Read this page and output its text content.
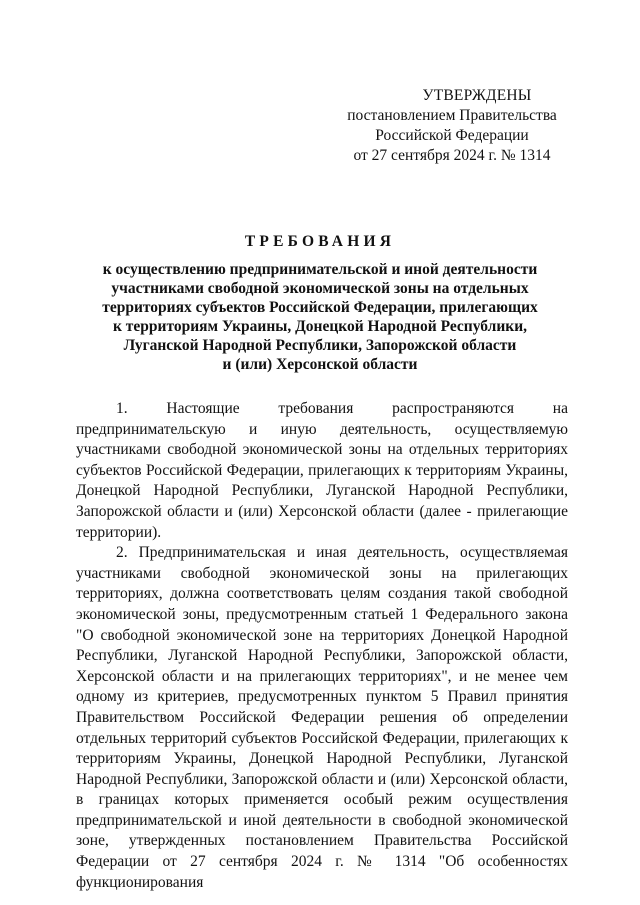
УТВЕРЖДЕНЫ
постановлением Правительства
Российской Федерации
от 27 сентября 2024 г. № 1314
ТРЕБОВАНИЯ
к осуществлению предпринимательской и иной деятельности
участниками свободной экономической зоны на отдельных
территориях субъектов Российской Федерации, прилегающих
к территориям Украины, Донецкой Народной Республики,
Луганской Народной Республики, Запорожской области
и (или) Херсонской области

1. Настоящие требования распространяются на предпринимательскую и иную деятельность, осуществляемую участниками свободной экономической зоны на отдельных территориях субъектов Российской Федерации, прилегающих к территориям Украины, Донецкой Народной Республики, Луганской Народной Республики, Запорожской области и (или) Херсонской области (далее - прилегающие территории).

2. Предпринимательская и иная деятельность, осуществляемая участниками свободной экономической зоны на прилегающих территориях, должна соответствовать целям создания такой свободной экономической зоны, предусмотренным статьей 1 Федерального закона "О свободной экономической зоне на территориях Донецкой Народной Республики, Луганской Народной Республики, Запорожской области, Херсонской области и на прилегающих территориях", и не менее чем одному из критериев, предусмотренных пунктом 5 Правил принятия Правительством Российской Федерации решения об определении отдельных территорий субъектов Российской Федерации, прилегающих к территориям Украины, Донецкой Народной Республики, Луганской Народной Республики, Запорожской области и (или) Херсонской области, в границах которых применяется особый режим осуществления предпринимательской и иной деятельности в свободной экономической зоне, утвержденных постановлением Правительства Российской Федерации от 27 сентября 2024 г. № 1314 "Об особенностях функционирования
